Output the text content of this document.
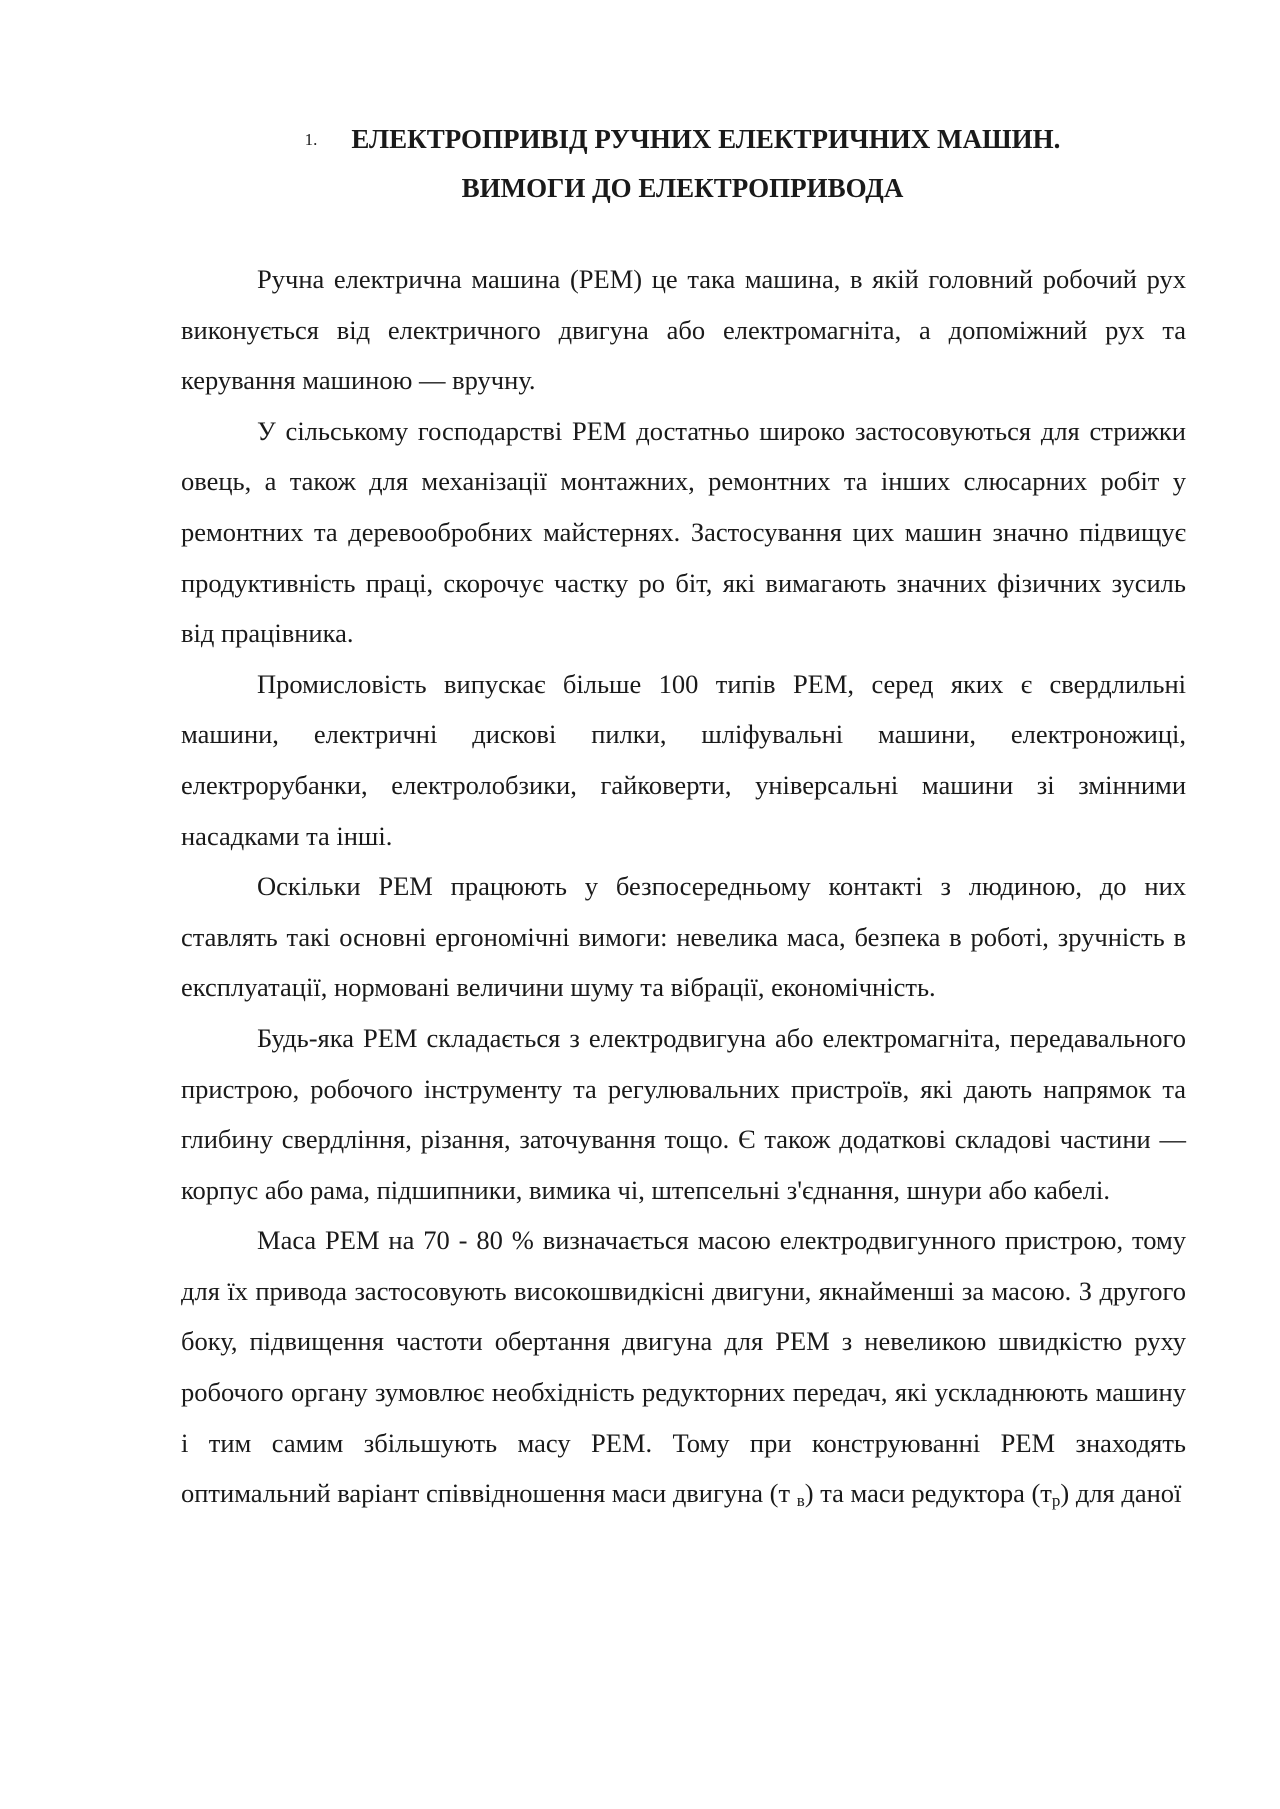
1. ЕЛЕКТРОПРИВІД РУЧНИХ ЕЛЕКТРИЧНИХ МАШИН.
ВИМОГИ ДО ЕЛЕКТРОПРИВОДА

Ручна електрична машина (РЕМ) це така машина, в якій головний робочий рух виконується від електричного двигуна або електромагніта, а допоміжний рух та керування машиною — вручну.

У сільському господарстві РЕМ достатньо широко застосовуються для стрижки овець, а також для механізації монтажних, ремонтних та інших слюсарних робіт у ремонтних та деревообробних майстернях. Застосування цих машин значно підвищує продуктивність праці, скорочує частку ро біт, які вимагають значних фізичних зусиль від працівника.

Промисловість випускає більше 100 типів РЕМ, серед яких є свердлильні машини, електричні дискові пилки, шліфувальні машини, електроножиці, електрорубанки, електролобзики, гайковерти, універсальні машини зі змінними насадками та інші.

Оскільки РЕМ працюють у безпосередньому контакті з людиною, до них ставлять такі основні ергономічні вимоги: невелика маса, безпека в роботі, зручність в експлуатації, нормовані величини шуму та вібрації, економічність.

Будь-яка РЕМ складається з електродвигуна або електромагніта, передавального пристрою, робочого інструменту та регулювальних пристроїв, які дають напрямок та глибину свердління, різання, заточування тощо. Є також додаткові складові частини — корпус або рама, підшипники, вимика чі, штепсельні з'єднання, шнури або кабелі.

Маса РЕМ на 70 - 80 % визначається масою електродвигунного пристрою, тому для їх привода застосовують високошвидкісні двигуни, якнайменші за масою. З другого боку, підвищення частоти обертання двигуна для РЕМ з невеликою швидкістю руху робочого органу зумовлює необхідність редукторних передач, які ускладнюють машину і тим самим збільшують масу РЕМ. Тому при конструюванні РЕМ знаходять оптимальний варіант співвідношення маси двигуна (т $_в$) та маси редуктора $(т_р)$ для даної
